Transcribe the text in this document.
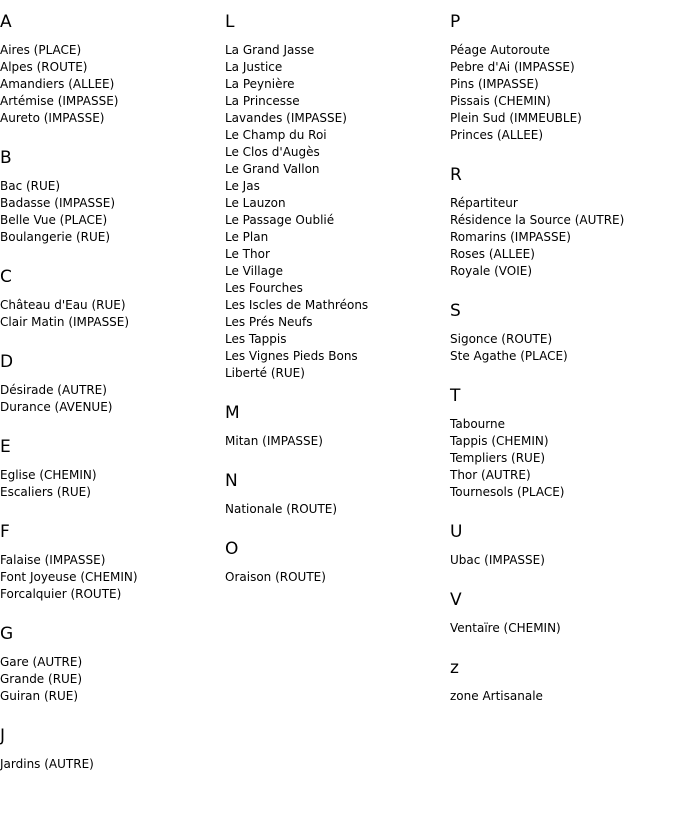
A
Aires (PLACE)
Alpes (ROUTE)
Amandiers (ALLEE)
Artémise (IMPASSE)
Aureto (IMPASSE)
B
Bac (RUE)
Badasse (IMPASSE)
Belle Vue (PLACE)
Boulangerie (RUE)
C
Château d'Eau (RUE)
Clair Matin (IMPASSE)
D
Désirade (AUTRE)
Durance (AVENUE)
E
Eglise (CHEMIN)
Escaliers (RUE)
F
Falaise (IMPASSE)
Font Joyeuse (CHEMIN)
Forcalquier (ROUTE)
G
Gare (AUTRE)
Grande (RUE)
Guiran (RUE)
J
Jardins (AUTRE)
L
La Grand Jasse
La Justice
La Peynière
La Princesse
Lavandes (IMPASSE)
Le Champ du Roi
Le Clos d'Augès
Le Grand Vallon
Le Jas
Le Lauzon
Le Passage Oublié
Le Plan
Le Thor
Le Village
Les Fourches
Les Iscles de Mathréons
Les Prés Neufs
Les Tappis
Les Vignes Pieds Bons
Liberté (RUE)
M
Mitan (IMPASSE)
N
Nationale (ROUTE)
O
Oraison (ROUTE)
P
Péage Autoroute
Pebre d'Ai (IMPASSE)
Pins (IMPASSE)
Pissais (CHEMIN)
Plein Sud (IMMEUBLE)
Princes (ALLEE)
R
Répartiteur
Résidence la Source (AUTRE)
Romarins (IMPASSE)
Roses (ALLEE)
Royale (VOIE)
S
Sigonce (ROUTE)
Ste Agathe (PLACE)
T
Tabourne
Tappis (CHEMIN)
Templiers (RUE)
Thor (AUTRE)
Tournesols (PLACE)
U
Ubac (IMPASSE)
V
Ventaïre (CHEMIN)
z
zone Artisanale
